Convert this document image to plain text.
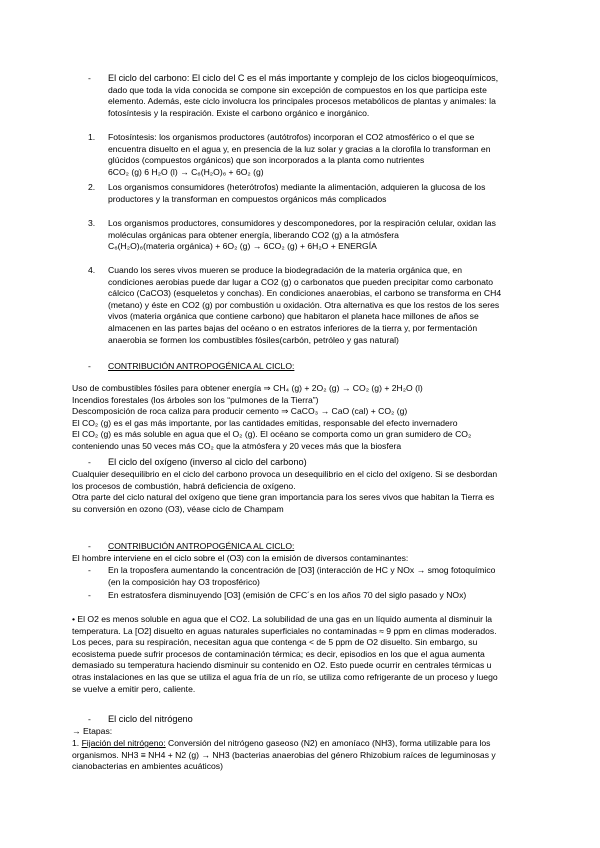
- El ciclo del carbono: El ciclo del C es el más importante y complejo de los ciclos biogeoquímicos,
dado que toda la vida conocida se compone sin excepción de compuestos en los que participa este
elemento. Además, este ciclo involucra los principales procesos metabólicos de plantas y animales: la
fotosíntesis y la respiración. Existe el carbono orgánico e inorgánico.
1. Fotosíntesis: los organismos productores (autótrofos) incorporan el CO2 atmosférico o el que se
encuentra disuelto en el agua y, en presencia de la luz solar y gracias a la clorofila lo transforman en
glúcidos (compuestos orgánicos) que son incorporados a la planta como nutrientes
6CO₂ (g) 6 H₂O (l) → C₆(H₂O)₆ + 6O₂ (g)
2. Los organismos consumidores (heterótrofos) mediante la alimentación, adquieren la glucosa de los
productores y la transforman en compuestos orgánicos más complicados
3. Los organismos productores, consumidores y descomponedores, por la respiración celular, oxidan las
moléculas orgánicas para obtener energía, liberando CO2 (g) a la atmósfera
C₆(H₂O)₆(materia orgánica) + 6O₂ (g) → 6CO₂ (g) + 6H₂O + ENERGÍA
4. Cuando los seres vivos mueren se produce la biodegradación de la materia orgánica que, en
condiciones aerobias puede dar lugar a CO2 (g) o carbonatos que pueden precipitar como carbonato
cálcico (CaCO3) (esqueletos y conchas). En condiciones anaerobias, el carbono se transforma en CH4
(metano) y éste en CO2 (g) por combustión u oxidación. Otra alternativa es que los restos de los seres
vivos (materia orgánica que contiene carbono) que habitaron el planeta hace millones de años se
almacenen en las partes bajas del océano o en estratos inferiores de la tierra y, por fermentación
anaerobia se formen los combustibles fósiles(carbón, petróleo y gas natural)
- CONTRIBUCIÓN ANTROPOGÉNICA AL CICLO:
Uso de combustibles fósiles para obtener energía ⇒ CH₄ (g) + 2O₂ (g) → CO₂ (g) + 2H₂O (l)
Incendios forestales (los árboles son los “pulmones de la Tierra”)
Descomposición de roca caliza para producir cemento ⇒ CaCO₃ → CaO (cal) + CO₂ (g)
El CO₂ (g) es el gas más importante, por las cantidades emitidas, responsable del efecto invernadero
El CO₂ (g) es más soluble en agua que el O₂ (g). El océano se comporta como un gran sumidero de CO₂
conteniendo unas 50 veces más CO₂ que la atmósfera y 20 veces más que la biosfera
- El ciclo del oxígeno (inverso al ciclo del carbono)
Cualquier desequilibrio en el ciclo del carbono provoca un desequilibrio en el ciclo del oxígeno. Si se desbordan
los procesos de combustión, habrá deficiencia de oxígeno.
Otra parte del ciclo natural del oxígeno que tiene gran importancia para los seres vivos que habitan la Tierra es
su conversión en ozono (O3), véase ciclo de Champam
- CONTRIBUCIÓN ANTROPOGÉNICA AL CICLO:
El hombre interviene en el ciclo sobre el (O3) con la emisión de diversos contaminantes:
- En la troposfera aumentando la concentración de [O3] (interacción de HC y NOx → smog fotoquímico
(en la composición hay O3 troposférico)
- En estratosfera disminuyendo [O3] (emisión de CFC´s en los años 70 del siglo pasado y NOx)
• El O2 es menos soluble en agua que el CO2. La solubilidad de una gas en un líquido aumenta al disminuir la
temperatura. La [O2] disuelto en aguas naturales superficiales no contaminadas ≈ 9 ppm en climas moderados.
Los peces, para su respiración, necesitan agua que contenga < de 5 ppm de O2 disuelto. Sin embargo, su
ecosistema puede sufrir procesos de contaminación térmica; es decir, episodios en los que el agua aumenta
demasiado su temperatura haciendo disminuir su contenido en O2. Esto puede ocurrir en centrales térmicas u
otras instalaciones en las que se utiliza el agua fría de un río, se utiliza como refrigerante de un proceso y luego
se vuelve a emitir pero, caliente.
- El ciclo del nitrógeno
→ Etapas:
1. Fijación del nitrógeno: Conversión del nitrógeno gaseoso (N2) en amoníaco (NH3), forma utilizable para los
organismos. NH3 ≡ NH4 + N2 (g) → NH3 (bacterias anaerobias del género Rhizobium raíces de leguminosas y
cianobacterias en ambientes acuáticos)
